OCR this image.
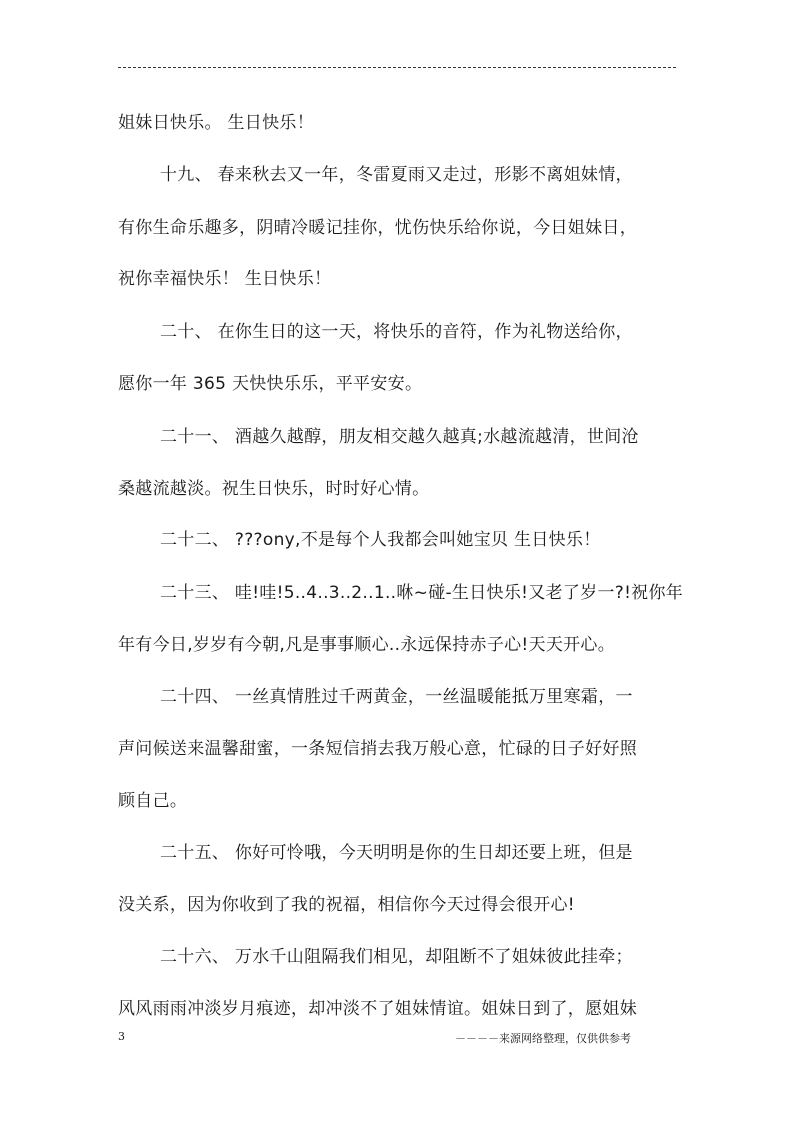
姐妹日快乐。 生日快乐！
十九、 春来秋去又一年，冬雷夏雨又走过，形影不离姐妹情，
有你生命乐趣多，阴晴冷暖记挂你，忧伤快乐给你说，今日姐妹日，
祝你幸福快乐！ 生日快乐！
二十、 在你生日的这一天，将快乐的音符，作为礼物送给你，
愿你一年 365 天快快乐乐，平平安安。
二十一、 酒越久越醇，朋友相交越久越真;水越流越清，世间沧
桑越流越淡。祝生日快乐，时时好心情。
二十二、 ???ony,不是每个人我都会叫她宝贝 生日快乐！
二十三、 哇!哇!5..4..3..2..1..咻~碰-生日快乐!又老了岁一?!祝你年
年有今日,岁岁有今朝,凡是事事顺心..永远保持赤子心!天天开心。
二十四、 一丝真情胜过千两黄金，一丝温暖能抵万里寒霜，一
声问候送来温馨甜蜜，一条短信捎去我万般心意，忙碌的日子好好照
顾自己。
二十五、 你好可怜哦，今天明明是你的生日却还要上班，但是
没关系，因为你收到了我的祝福，相信你今天过得会很开心!
二十六、 万水千山阻隔我们相见，却阻断不了姐妹彼此挂牵；
风风雨雨冲淡岁月痕迹，却冲淡不了姐妹情谊。姐妹日到了，愿姐妹
3	－－－－来源网络整理，仅供供参考
